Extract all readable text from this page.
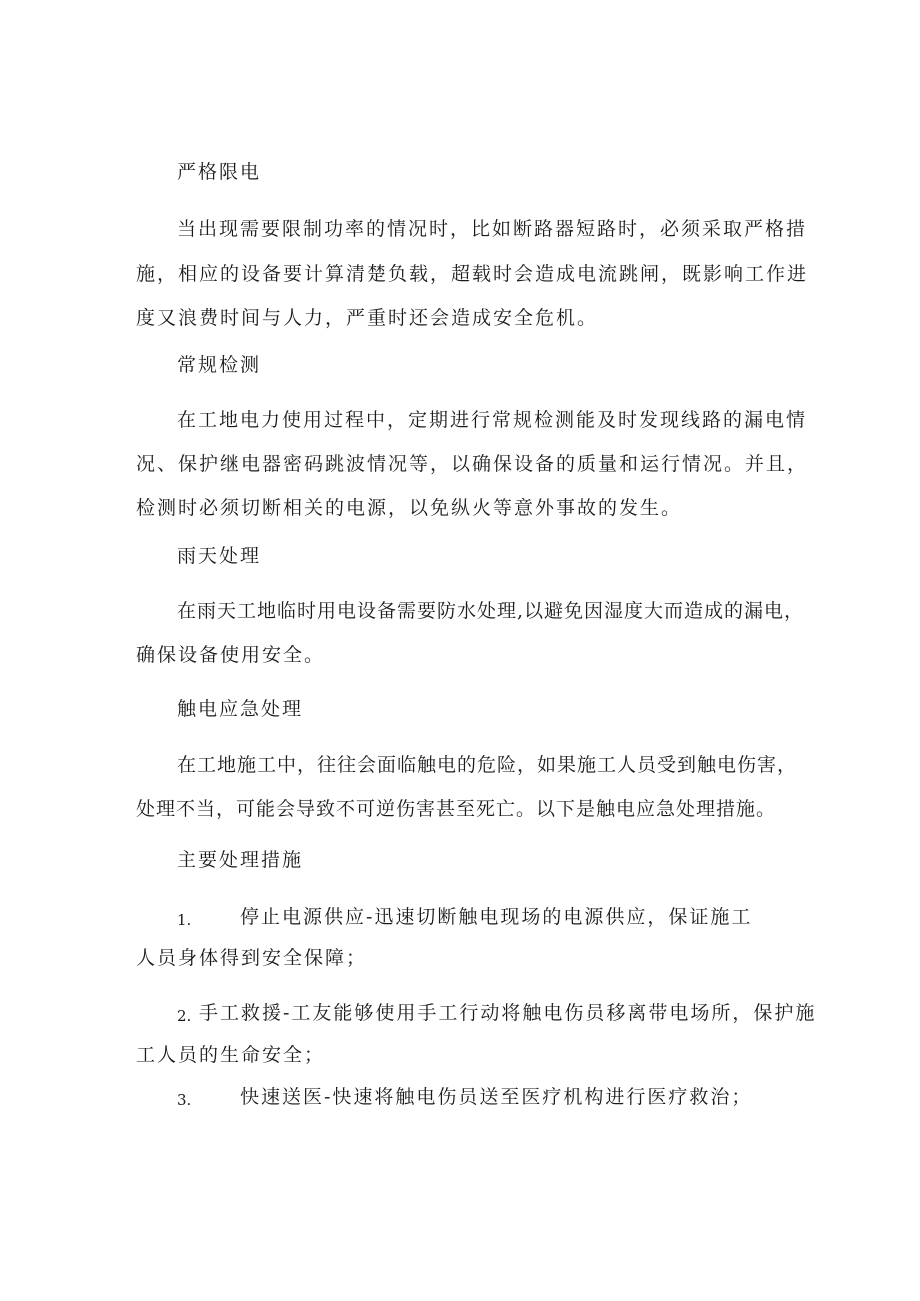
严格限电

当出现需要限制功率的情况时，比如断路器短路时，必须采取严格措

施，相应的设备要计算清楚负载，超载时会造成电流跳闸，既影响工作进

度又浪费时间与人力，严重时还会造成安全危机。

常规检测

在工地电力使用过程中，定期进行常规检测能及时发现线路的漏电情

况、保护继电器密码跳波情况等，以确保设备的质量和运行情况。并且，

检测时必须切断相关的电源，以免纵火等意外事故的发生。

雨天处理

在雨天工地临时用电设备需要防水处理,以避免因湿度大而造成的漏电，

确保设备使用安全。

触电应急处理

在工地施工中，往往会面临触电的危险，如果施工人员受到触电伤害，

处理不当，可能会导致不可逆伤害甚至死亡。以下是触电应急处理措施。

主要处理措施

1.	停止电源供应-迅速切断触电现场的电源供应，保证施工

人员身体得到安全保障；

2. 手工救援-工友能够使用手工行动将触电伤员移离带电场所，保护施

工人员的生命安全；

3.	快速送医-快速将触电伤员送至医疗机构进行医疗救治；
